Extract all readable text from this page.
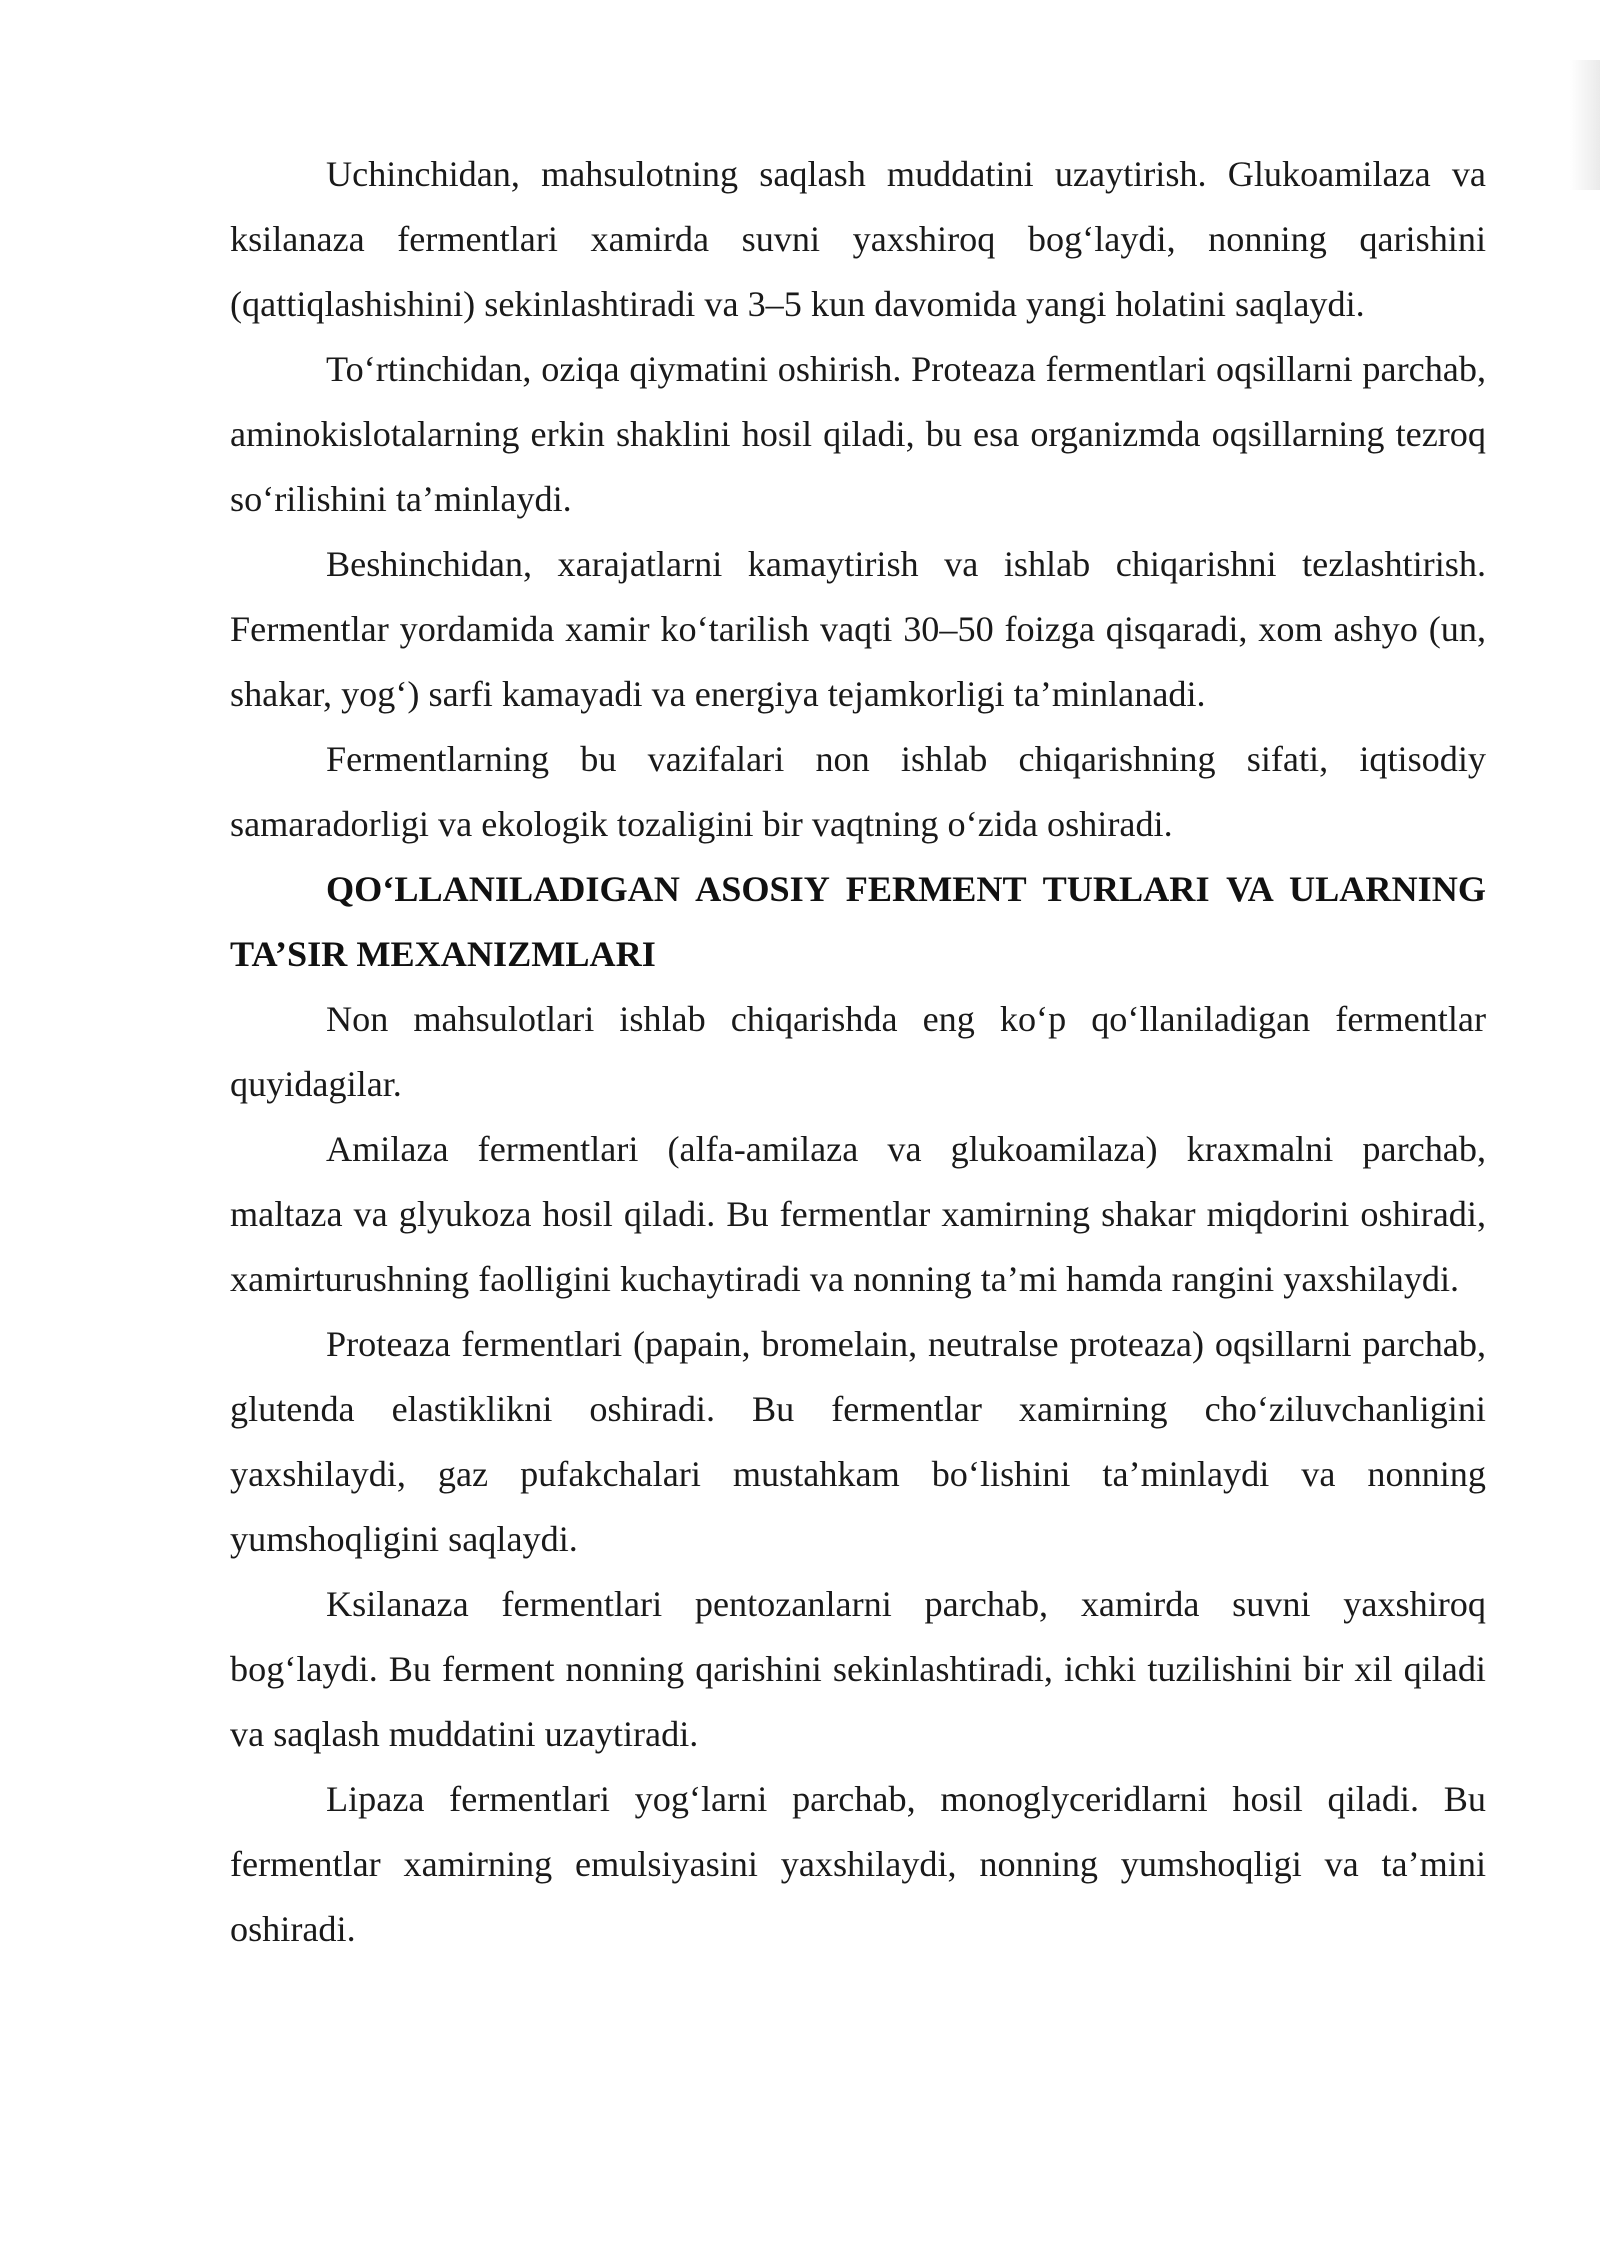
Uchinchidan, mahsulotning saqlash muddatini uzaytirish. Glukoamilaza va ksilanaza fermentlari xamirda suvni yaxshiroq bog‘laydi, nonning qarishini (qattiqlashishini) sekinlashtiradi va 3–5 kun davomida yangi holatini saqlaydi.

To‘rtinchidan, oziqa qiymatini oshirish. Proteaza fermentlari oqsillarni parchab, aminokislotalarning erkin shaklini hosil qiladi, bu esa organizmda oqsillarning tezroq so‘rilishini ta’minlaydi.

Beshinchidan, xarajatlarni kamaytirish va ishlab chiqarishni tezlashtirish. Fermentlar yordamida xamir ko‘tarilish vaqti 30–50 foizga qisqaradi, xom ashyo (un, shakar, yog‘) sarfi kamayadi va energiya tejamkorligi ta’minlanadi.

Fermentlarning bu vazifalari non ishlab chiqarishning sifati, iqtisodiy samaradorligi va ekologik tozaligini bir vaqtning o‘zida oshiradi.

QO‘LLANILADIGAN ASOSIY FERMENT TURLARI VA ULARNING TA’SIR MEXANIZMLARI

Non mahsulotlari ishlab chiqarishda eng ko‘p qo‘llaniladigan fermentlar quyidagilar.

Amilaza fermentlari (alfa-amilaza va glukoamilaza) kraxmalni parchab, maltaza va glyukoza hosil qiladi. Bu fermentlar xamirning shakar miqdorini oshiradi, xamirturushning faolligini kuchaytiradi va nonning ta’mi hamda rangini yaxshilaydi.

Proteaza fermentlari (papain, bromelain, neutralse proteaza) oqsillarni parchab, glutenda elastiklikni oshiradi. Bu fermentlar xamirning cho‘ziluvchanligini yaxshilaydi, gaz pufakchalari mustahkam bo‘lishini ta’minlaydi va nonning yumshoqligini saqlaydi.

Ksilanaza fermentlari pentozanlarni parchab, xamirda suvni yaxshiroq bog‘laydi. Bu ferment nonning qarishini sekinlashtiradi, ichki tuzilishini bir xil qiladi va saqlash muddatini uzaytiradi.

Lipaza fermentlari yog‘larni parchab, monoglyceridlarni hosil qiladi. Bu fermentlar xamirning emulsiyasini yaxshilaydi, nonning yumshoqligi va ta’mini oshiradi.
